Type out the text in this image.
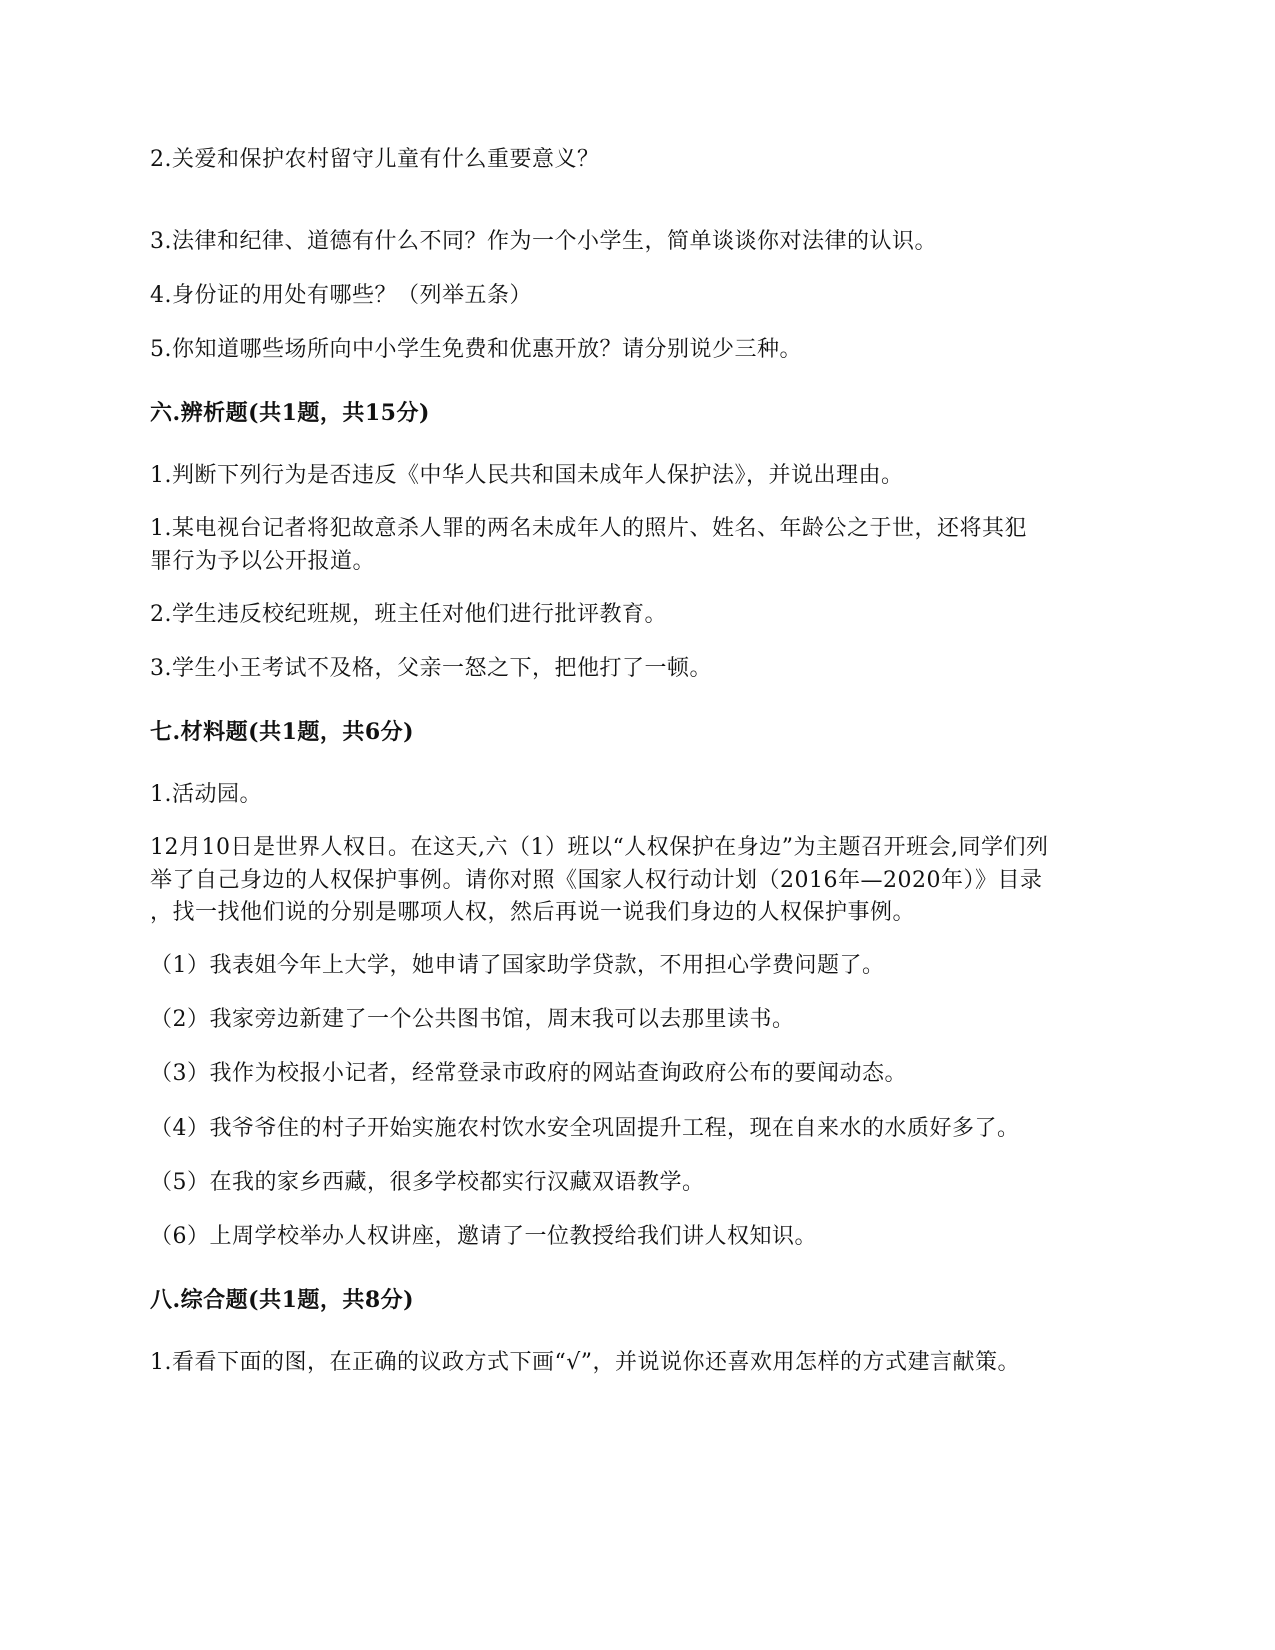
2.关爱和保护农村留守儿童有什么重要意义？
3.法律和纪律、道德有什么不同？作为一个小学生，简单谈谈你对法律的认识。
4.身份证的用处有哪些？（列举五条）
5.你知道哪些场所向中小学生免费和优惠开放？请分别说少三种。
六.辨析题(共1题，共15分)
1.判断下列行为是否违反《中华人民共和国未成年人保护法》，并说出理由。
1.某电视台记者将犯故意杀人罪的两名未成年人的照片、姓名、年龄公之于世，还将其犯
罪行为予以公开报道。
2.学生违反校纪班规，班主任对他们进行批评教育。
3.学生小王考试不及格，父亲一怒之下，把他打了一顿。
七.材料题(共1题，共6分)
1.活动园。
12月10日是世界人权日。在这天,六（1）班以“人权保护在身边”为主题召开班会,同学们列
举了自己身边的人权保护事例。请你对照《国家人权行动计划（2016年—2020年）》目录
，找一找他们说的分别是哪项人权，然后再说一说我们身边的人权保护事例。
（1）我表姐今年上大学，她申请了国家助学贷款，不用担心学费问题了。
（2）我家旁边新建了一个公共图书馆，周末我可以去那里读书。
（3）我作为校报小记者，经常登录市政府的网站查询政府公布的要闻动态。
（4）我爷爷住的村子开始实施农村饮水安全巩固提升工程，现在自来水的水质好多了。
（5）在我的家乡西藏，很多学校都实行汉藏双语教学。
（6）上周学校举办人权讲座，邀请了一位教授给我们讲人权知识。
八.综合题(共1题，共8分)
1.看看下面的图，在正确的议政方式下画“√”，并说说你还喜欢用怎样的方式建言献策。
